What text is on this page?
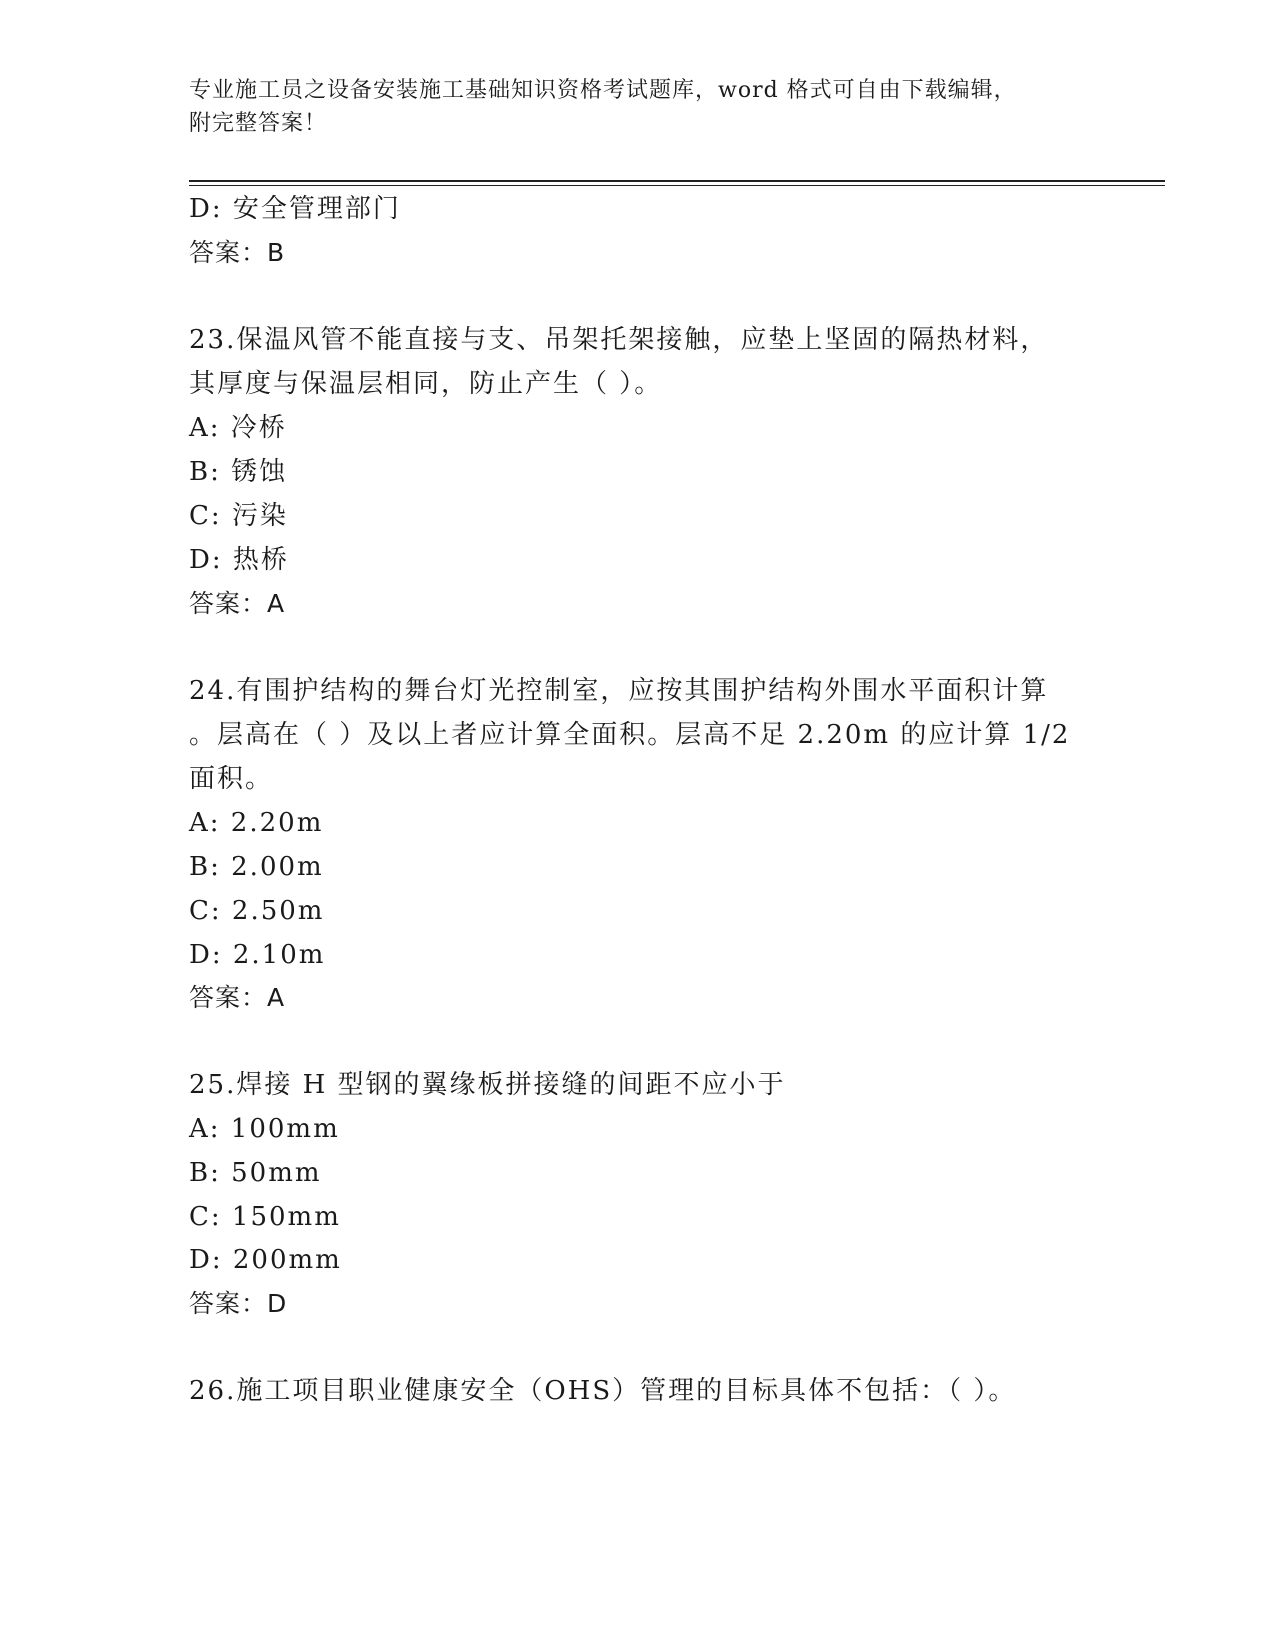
专业施工员之设备安装施工基础知识资格考试题库，word 格式可自由下载编辑，
附完整答案！
D: 安全管理部门
答案：B
23.保温风管不能直接与支、吊架托架接触，应垫上坚固的隔热材料，
其厚度与保温层相同，防止产生（ ）。
A: 冷桥
B: 锈蚀
C: 污染
D: 热桥
答案：A
24.有围护结构的舞台灯光控制室，应按其围护结构外围水平面积计算
。层高在（ ）及以上者应计算全面积。层高不足 2.20m 的应计算 1/2
面积。
A: 2.20m
B: 2.00m
C: 2.50m
D: 2.10m
答案：A
25.焊接 H 型钢的翼缘板拼接缝的间距不应小于
A: 100mm
B: 50mm
C: 150mm
D: 200mm
答案：D
26.施工项目职业健康安全（OHS）管理的目标具体不包括：（ ）。
